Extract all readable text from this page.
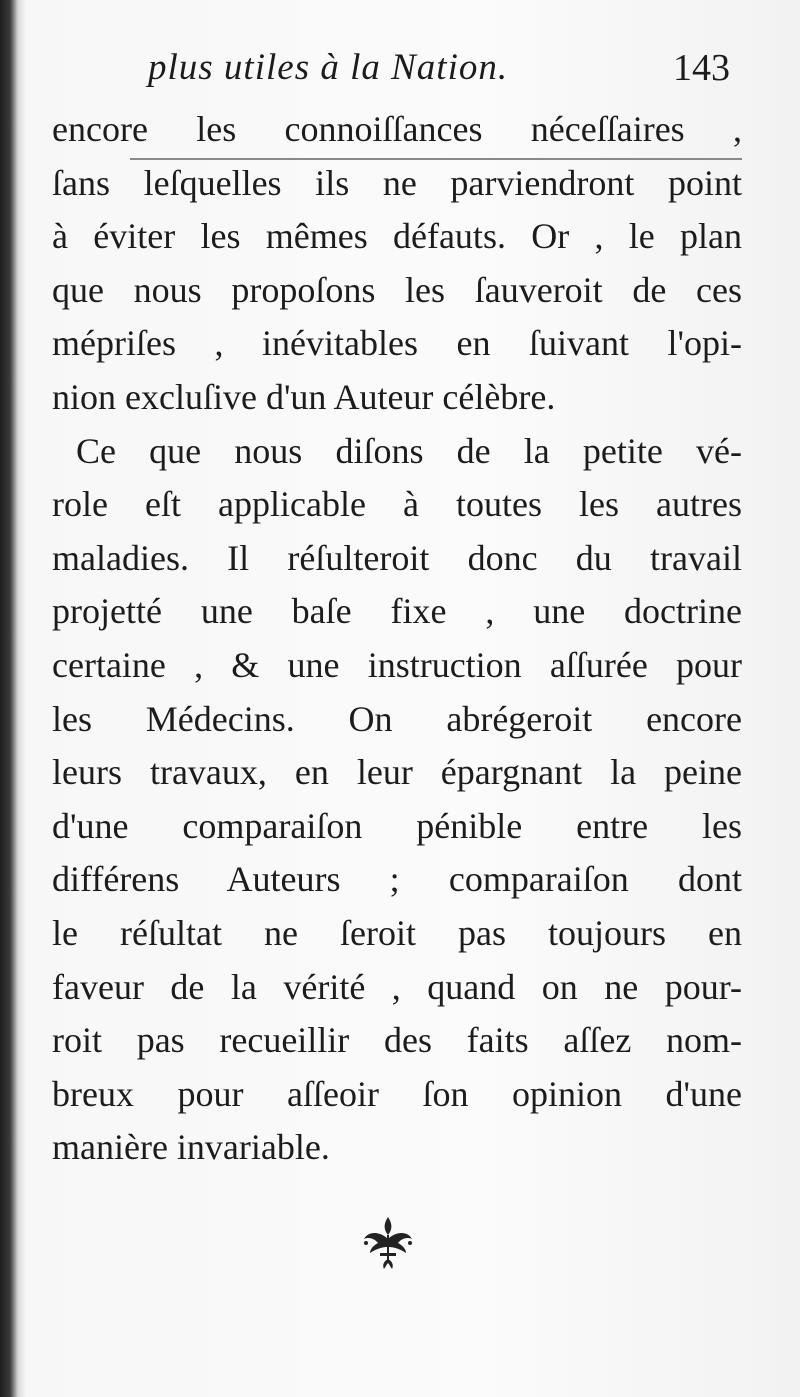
plus utiles à la Nation.	143
encore les connoiſſances néceſſaires ,
ſans leſquelles ils ne parviendront point
à éviter les mêmes défauts. Or , le plan
que nous propoſons les ſauveroit de ces
mépriſes , inévitables en ſuivant l'opi-
nion excluſive d'un Auteur célèbre.
Ce que nous diſons de la petite vé-
role eſt applicable à toutes les autres
maladies. Il réſulteroit donc du travail
projetté une baſe fixe , une doctrine
certaine , & une instruction aſſurée pour
les Médecins. On abrégeroit encore
leurs travaux, en leur épargnant la peine
d'une comparaiſon pénible entre les
différens Auteurs ; comparaiſon dont
le réſultat ne ſeroit pas toujours en
faveur de la vérité , quand on ne pour-
roit pas recueillir des faits aſſez nom-
breux pour aſſeoir ſon opinion d'une
manière invariable.
